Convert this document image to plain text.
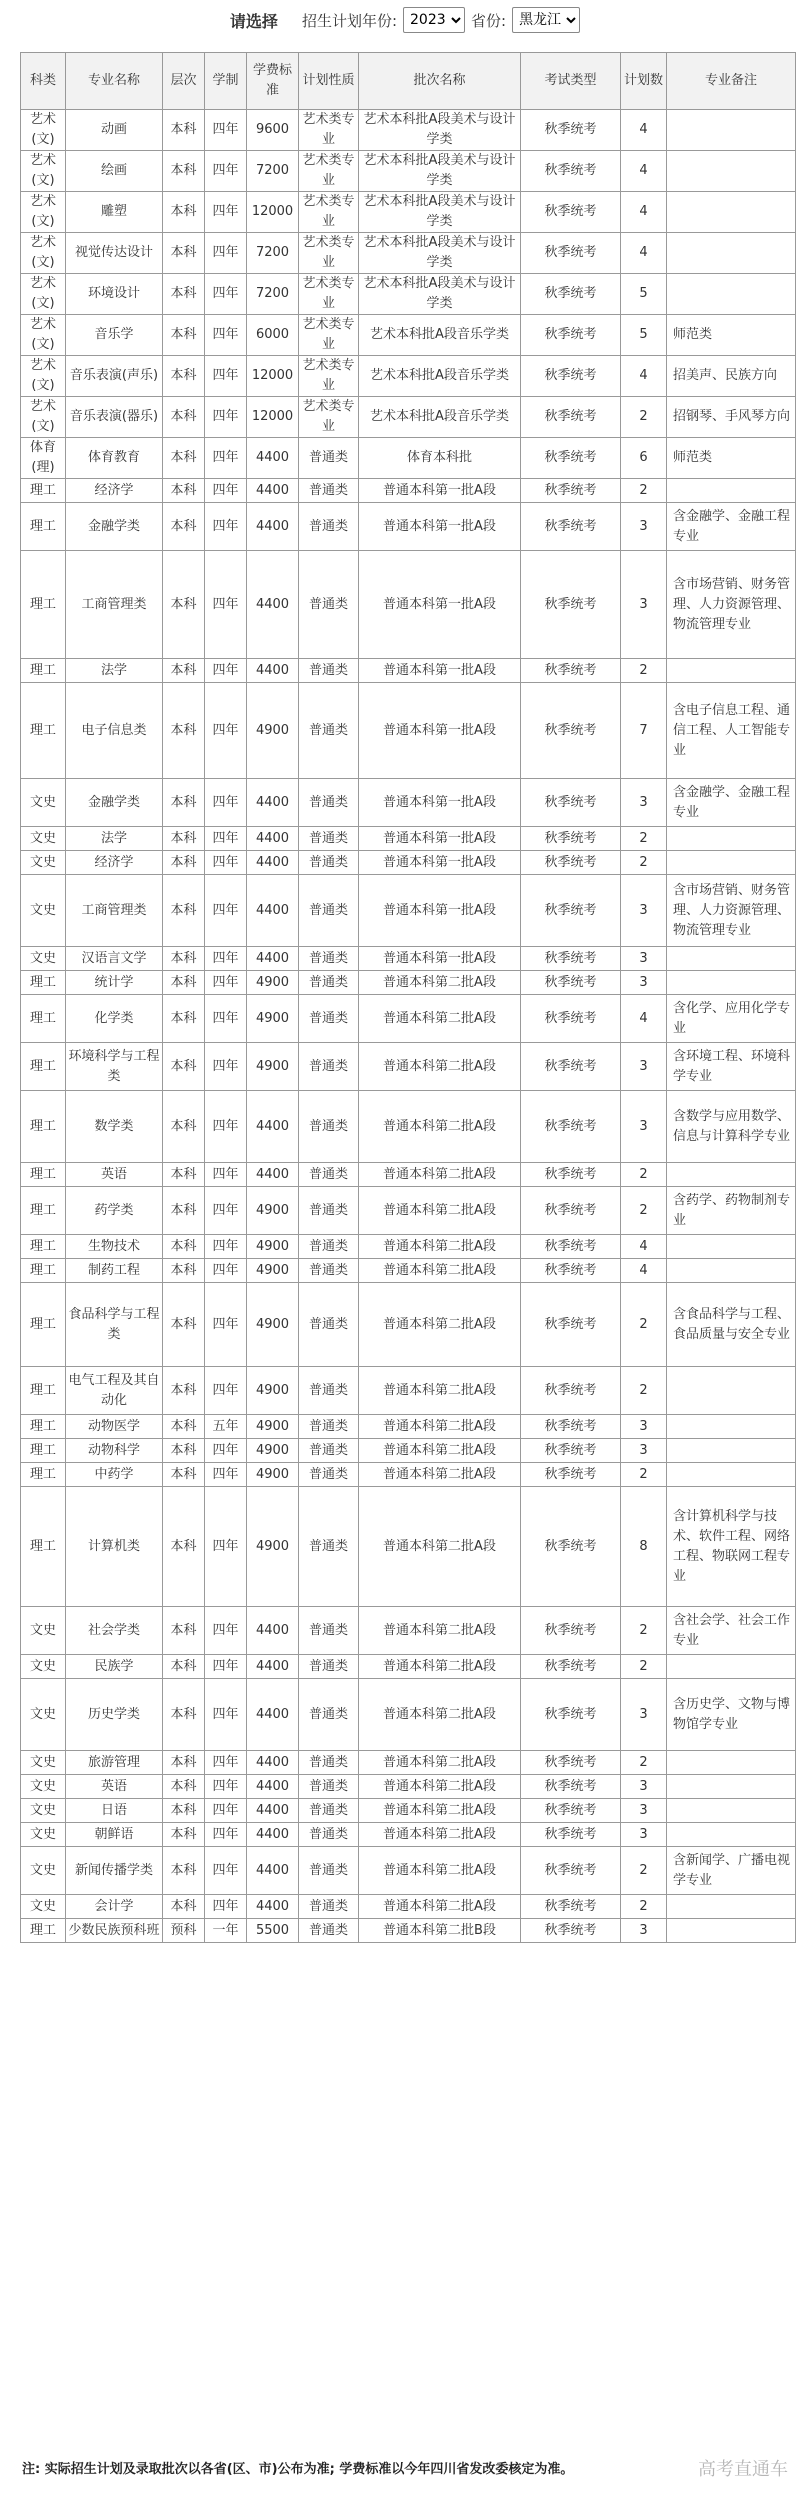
请选择 招生计划年份:
2023	省份:
黑龙江
科类	专业名称	层次	学制	学费标准	计划性质	批次名称	考试类型	计划数	专业备注
艺术(文)	动画	本科	四年	9600	艺术类专业	艺术本科批A段美术与设计学类	秋季统考	4	
艺术(文)	绘画	本科	四年	7200	艺术类专业	艺术本科批A段美术与设计学类	秋季统考	4	
艺术(文)	雕塑	本科	四年	12000	艺术类专业	艺术本科批A段美术与设计学类	秋季统考	4	
艺术(文)	视觉传达设计	本科	四年	7200	艺术类专业	艺术本科批A段美术与设计学类	秋季统考	4	
艺术(文)	环境设计	本科	四年	7200	艺术类专业	艺术本科批A段美术与设计学类	秋季统考	5	
艺术(文)	音乐学	本科	四年	6000	艺术类专业	艺术本科批A段音乐学类	秋季统考	5	师范类
艺术(文)	音乐表演(声乐)	本科	四年	12000	艺术类专业	艺术本科批A段音乐学类	秋季统考	4	招美声、民族方向
艺术(文)	音乐表演(器乐)	本科	四年	12000	艺术类专业	艺术本科批A段音乐学类	秋季统考	2	招钢琴、手风琴方向
体育(理)	体育教育	本科	四年	4400	普通类	体育本科批	秋季统考	6	师范类
理工	经济学	本科	四年	4400	普通类	普通本科第一批A段	秋季统考	2	
理工	金融学类	本科	四年	4400	普通类	普通本科第一批A段	秋季统考	3	含金融学、金融工程专业
理工	工商管理类	本科	四年	4400	普通类	普通本科第一批A段	秋季统考	3	含市场营销、财务管理、人力资源管理、物流管理专业
理工	法学	本科	四年	4400	普通类	普通本科第一批A段	秋季统考	2	
理工	电子信息类	本科	四年	4900	普通类	普通本科第一批A段	秋季统考	7	含电子信息工程、通信工程、人工智能专业
文史	金融学类	本科	四年	4400	普通类	普通本科第一批A段	秋季统考	3	含金融学、金融工程专业
文史	法学	本科	四年	4400	普通类	普通本科第一批A段	秋季统考	2	
文史	经济学	本科	四年	4400	普通类	普通本科第一批A段	秋季统考	2	
文史	工商管理类	本科	四年	4400	普通类	普通本科第一批A段	秋季统考	3	含市场营销、财务管理、人力资源管理、物流管理专业
文史	汉语言文学	本科	四年	4400	普通类	普通本科第一批A段	秋季统考	3	
理工	统计学	本科	四年	4900	普通类	普通本科第二批A段	秋季统考	3	
理工	化学类	本科	四年	4900	普通类	普通本科第二批A段	秋季统考	4	含化学、应用化学专业
理工	环境科学与工程类	本科	四年	4900	普通类	普通本科第二批A段	秋季统考	3	含环境工程、环境科学专业
理工	数学类	本科	四年	4400	普通类	普通本科第二批A段	秋季统考	3	含数学与应用数学、信息与计算科学专业
理工	英语	本科	四年	4400	普通类	普通本科第二批A段	秋季统考	2	
理工	药学类	本科	四年	4900	普通类	普通本科第二批A段	秋季统考	2	含药学、药物制剂专业
理工	生物技术	本科	四年	4900	普通类	普通本科第二批A段	秋季统考	4	
理工	制药工程	本科	四年	4900	普通类	普通本科第二批A段	秋季统考	4	
理工	食品科学与工程类	本科	四年	4900	普通类	普通本科第二批A段	秋季统考	2	含食品科学与工程、食品质量与安全专业
理工	电气工程及其自动化	本科	四年	4900	普通类	普通本科第二批A段	秋季统考	2	
理工	动物医学	本科	五年	4900	普通类	普通本科第二批A段	秋季统考	3	
理工	动物科学	本科	四年	4900	普通类	普通本科第二批A段	秋季统考	3	
理工	中药学	本科	四年	4900	普通类	普通本科第二批A段	秋季统考	2	
理工	计算机类	本科	四年	4900	普通类	普通本科第二批A段	秋季统考	8	含计算机科学与技术、软件工程、网络工程、物联网工程专业
文史	社会学类	本科	四年	4400	普通类	普通本科第二批A段	秋季统考	2	含社会学、社会工作专业
文史	民族学	本科	四年	4400	普通类	普通本科第二批A段	秋季统考	2	
文史	历史学类	本科	四年	4400	普通类	普通本科第二批A段	秋季统考	3	含历史学、文物与博物馆学专业
文史	旅游管理	本科	四年	4400	普通类	普通本科第二批A段	秋季统考	2	
文史	英语	本科	四年	4400	普通类	普通本科第二批A段	秋季统考	3	
文史	日语	本科	四年	4400	普通类	普通本科第二批A段	秋季统考	3	
文史	朝鲜语	本科	四年	4400	普通类	普通本科第二批A段	秋季统考	3	
文史	新闻传播学类	本科	四年	4400	普通类	普通本科第二批A段	秋季统考	2	含新闻学、广播电视学专业
文史	会计学	本科	四年	4400	普通类	普通本科第二批A段	秋季统考	2	
理工	少数民族预科班	预科	一年	5500	普通类	普通本科第二批B段	秋季统考	3	
注: 实际招生计划及录取批次以各省(区、市)公布为准; 学费标准以今年四川省发改委核定为准。	高考直通车
